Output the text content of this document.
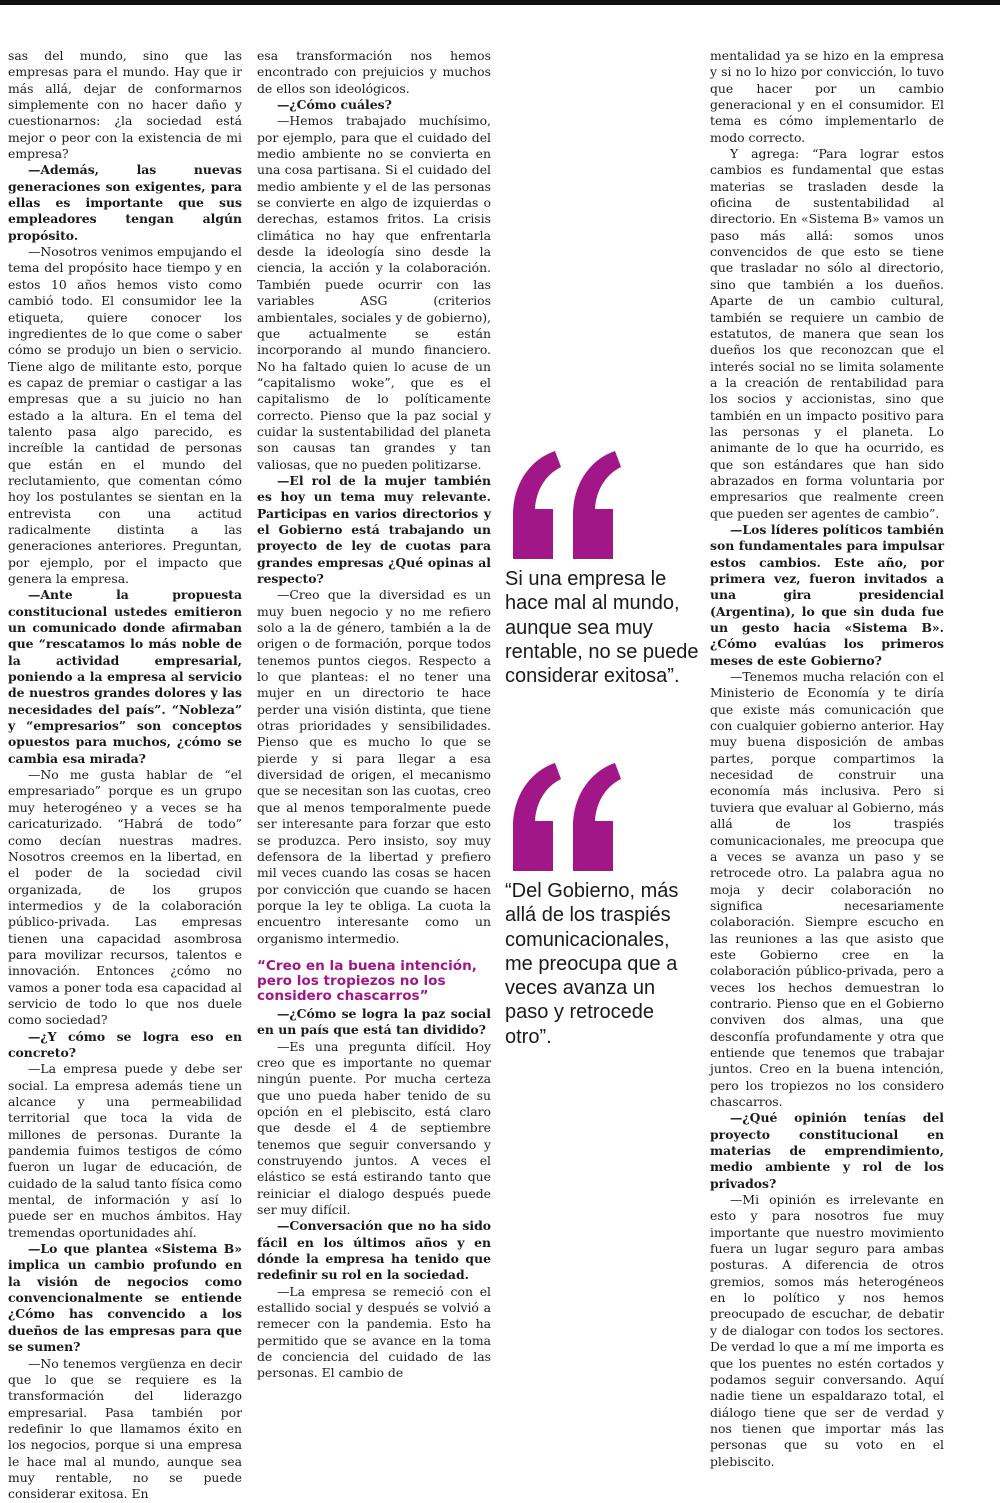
sas del mundo, sino que las empresas para el mundo. Hay que ir más allá, dejar de conformarnos simplemente con no hacer daño y cuestionarnos: ¿la sociedad está mejor o peor con la existencia de mi empresa?

—Además, las nuevas generaciones son exigentes, para ellas es importante que sus empleadores tengan algún propósito.

—Nosotros venimos empujando el tema del propósito hace tiempo y en estos 10 años hemos visto como cambió todo. El consumidor lee la etiqueta, quiere conocer los ingredientes de lo que come o saber cómo se produjo un bien o servicio. Tiene algo de militante esto, porque es capaz de premiar o castigar a las empresas que a su juicio no han estado a la altura. En el tema del talento pasa algo parecido, es increíble la cantidad de personas que están en el mundo del reclutamiento, que comentan cómo hoy los postulantes se sientan en la entrevista con una actitud radicalmente distinta a las generaciones anteriores. Preguntan, por ejemplo, por el impacto que genera la empresa.

—Ante la propuesta constitucional ustedes emitieron un comunicado donde afirmaban que “rescatamos lo más noble de la actividad empresarial, poniendo a la empresa al servicio de nuestros grandes dolores y las necesidades del país”. “Nobleza” y “empresarios” son conceptos opuestos para muchos, ¿cómo se cambia esa mirada?

—No me gusta hablar de “el empresariado” porque es un grupo muy heterogéneo y a veces se ha caricaturizado. “Habrá de todo” como decían nuestras madres. Nosotros creemos en la libertad, en el poder de la sociedad civil organizada, de los grupos intermedios y de la colaboración público-privada. Las empresas tienen una capacidad asombrosa para movilizar recursos, talentos e innovación. Entonces ¿cómo no vamos a poner toda esa capacidad al servicio de todo lo que nos duele como sociedad?

—¿Y cómo se logra eso en concreto?

—La empresa puede y debe ser social. La empresa además tiene un alcance y una permeabilidad territorial que toca la vida de millones de personas. Durante la pandemia fuimos testigos de cómo fueron un lugar de educación, de cuidado de la salud tanto física como mental, de información y así lo puede ser en muchos ámbitos. Hay tremendas oportunidades ahí.

—Lo que plantea «Sistema B» implica un cambio profundo en la visión de negocios como convencionalmente se entiende ¿Cómo has convencido a los dueños de las empresas para que se sumen?

—No tenemos vergüenza en decir que lo que se requiere es la transformación del liderazgo empresarial. Pasa también por redefinir lo que llamamos éxito en los negocios, porque si una empresa le hace mal al mundo, aunque sea muy rentable, no se puede considerar exitosa. En

esa transformación nos hemos encontrado con prejuicios y muchos de ellos son ideológicos.

—¿Cómo cuáles?

—Hemos trabajado muchísimo, por ejemplo, para que el cuidado del medio ambiente no se convierta en una cosa partisana. Si el cuidado del medio ambiente y el de las personas se convierte en algo de izquierdas o derechas, estamos fritos. La crisis climática no hay que enfrentarla desde la ideología sino desde la ciencia, la acción y la colaboración. También puede ocurrir con las variables ASG (criterios ambientales, sociales y de gobierno), que actualmente se están incorporando al mundo financiero. No ha faltado quien lo acuse de un “capitalismo woke”, que es el capitalismo de lo políticamente correcto. Pienso que la paz social y cuidar la sustentabilidad del planeta son causas tan grandes y tan valiosas, que no pueden politizarse.

—El rol de la mujer también es hoy un tema muy relevante. Participas en varios directorios y el Gobierno está trabajando un proyecto de ley de cuotas para grandes empresas ¿Qué opinas al respecto?

—Creo que la diversidad es un muy buen negocio y no me refiero solo a la de género, también a la de origen o de formación, porque todos tenemos puntos ciegos. Respecto a lo que planteas: el no tener una mujer en un directorio te hace perder una visión distinta, que tiene otras prioridades y sensibilidades. Pienso que es mucho lo que se pierde y si para llegar a esa diversidad de origen, el mecanismo que se necesitan son las cuotas, creo que al menos temporalmente puede ser interesante para forzar que esto se produzca. Pero insisto, soy muy defensora de la libertad y prefiero mil veces cuando las cosas se hacen por convicción que cuando se hacen porque la ley te obliga. La cuota la encuentro interesante como un organismo intermedio.

“Creo en la buena intención, pero los tropiezos no los considero chascarros”

—¿Cómo se logra la paz social en un país que está tan dividido?

—Es una pregunta difícil. Hoy creo que es importante no quemar ningún puente. Por mucha certeza que uno pueda haber tenido de su opción en el plebiscito, está claro que desde el 4 de septiembre tenemos que seguir conversando y construyendo juntos. A veces el elástico se está estirando tanto que reiniciar el dialogo después puede ser muy difícil.

—Conversación que no ha sido fácil en los últimos años y en dónde la empresa ha tenido que redefinir su rol en la sociedad.

—La empresa se remeció con el estallido social y después se volvió a remecer con la pandemia. Esto ha permitido que se avance en la toma de conciencia del cuidado de las personas. El cambio de

mentalidad ya se hizo en la empresa y si no lo hizo por convicción, lo tuvo que hacer por un cambio generacional y en el consumidor. El tema es cómo implementarlo de modo correcto.

Y agrega: “Para lograr estos cambios es fundamental que estas materias se trasladen desde la oficina de sustentabilidad al directorio. En «Sistema B» vamos un paso más allá: somos unos convencidos de que esto se tiene que trasladar no sólo al directorio, sino que también a los dueños. Aparte de un cambio cultural, también se requiere un cambio de estatutos, de manera que sean los dueños los que reconozcan que el interés social no se limita solamente a la creación de rentabilidad para los socios y accionistas, sino que también en un impacto positivo para las personas y el planeta. Lo animante de lo que ha ocurrido, es que son estándares que han sido abrazados en forma voluntaria por empresarios que realmente creen que pueden ser agentes de cambio”.

—Los líderes políticos también son fundamentales para impulsar estos cambios. Este año, por primera vez, fueron invitados a una gira presidencial (Argentina), lo que sin duda fue un gesto hacia «Sistema B». ¿Cómo evalúas los primeros meses de este Gobierno?

—Tenemos mucha relación con el Ministerio de Economía y te diría que existe más comunicación que con cualquier gobierno anterior. Hay muy buena disposición de ambas partes, porque compartimos la necesidad de construir una economía más inclusiva. Pero si tuviera que evaluar al Gobierno, más allá de los traspiés comunicacionales, me preocupa que a veces se avanza un paso y se retrocede otro. La palabra agua no moja y decir colaboración no significa necesariamente colaboración. Siempre escucho en las reuniones a las que asisto que este Gobierno cree en la colaboración público-privada, pero a veces los hechos demuestran lo contrario. Pienso que en el Gobierno conviven dos almas, una que desconfía profundamente y otra que entiende que tenemos que trabajar juntos. Creo en la buena intención, pero los tropiezos no los considero chascarros.

—¿Qué opinión tenías del proyecto constitucional en materias de emprendimiento, medio ambiente y rol de los privados?

—Mi opinión es irrelevante en esto y para nosotros fue muy importante que nuestro movimiento fuera un lugar seguro para ambas posturas. A diferencia de otros gremios, somos más heterogéneos en lo político y nos hemos preocupado de escuchar, de debatir y de dialogar con todos los sectores. De verdad lo que a mí me importa es que los puentes no estén cortados y podamos seguir conversando. Aquí nadie tiene un espaldarazo total, el diálogo tiene que ser de verdad y nos tienen que importar más las personas que su voto en el plebiscito.

Si una empresa le hace mal al mundo, aunque sea muy rentable, no se puede considerar exitosa”.

“Del Gobierno, más allá de los traspiés comunicacionales, me preocupa que a veces avanza un paso y retrocede otro”.
